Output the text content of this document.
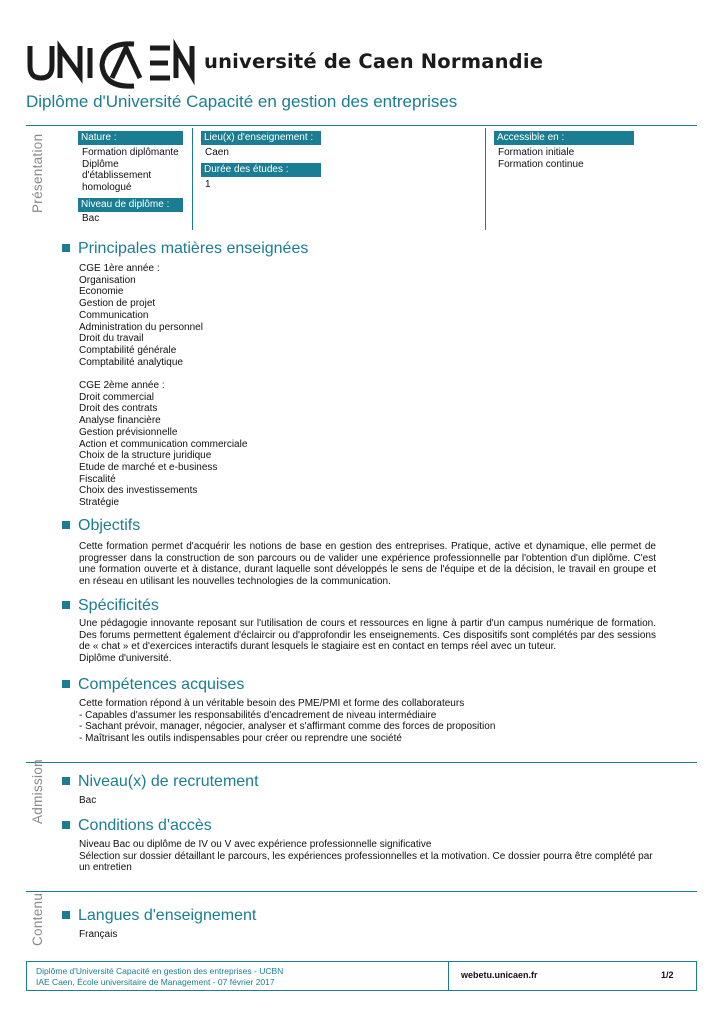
université de Caen Normandie
Diplôme d'Université Capacité en gestion des entreprises
Présentation	Nature :
Formation diplômante
Diplôme
d'établissement
homologué
Niveau de diplôme :
Bac
Lieu(x) d'enseignement :
Caen
Durée des études :
1
Accessible en :
Formation initiale
Formation continue
Principales matières enseignées
CGE 1ère année :
Organisation
Economie
Gestion de projet
Communication
Administration du personnel
Droit du travail
Comptabilité générale
Comptabilité analytique
CGE 2ème année :
Droit commercial
Droit des contrats
Analyse financière
Gestion prévisionnelle
Action et communication commerciale
Choix de la structure juridique
Etude de marché et e-business
Fiscalité
Choix des investissements
Stratégie
Objectifs
Cette formation permet d'acquérir les notions de base en gestion des entreprises. Pratique, active et dynamique, elle permet de progresser dans la construction de son parcours ou de valider une expérience professionnelle par l'obtention d'un diplôme. C'est une formation ouverte et à distance, durant laquelle sont développés le sens de l'équipe et de la décision, le travail en groupe et en réseau en utilisant les nouvelles technologies de la communication.
Spécificités
Une pédagogie innovante reposant sur l'utilisation de cours et ressources en ligne à partir d'un campus numérique de formation. Des forums permettent également d'éclaircir ou d'approfondir les enseignements. Ces dispositifs sont complétés par des sessions de « chat » et d'exercices interactifs durant lesquels le stagiaire est en contact en temps réel avec un tuteur.
Diplôme d'université.
Compétences acquises
Cette formation répond à un véritable besoin des PME/PMI et forme des collaborateurs
- Capables d'assumer les responsabilités d'encadrement de niveau intermédiaire
- Sachant prévoir, manager, négocier, analyser et s'affirmant comme des forces de proposition
- Maîtrisant les outils indispensables pour créer ou reprendre une société
Admission	Niveau(x) de recrutement
Bac
Conditions d'accès
Niveau Bac ou diplôme de IV ou V avec expérience professionnelle significative
Sélection sur dossier détaillant le parcours, les expériences professionnelles et la motivation. Ce dossier pourra être complété par un entretien
Contenu	Langues d'enseignement
Français
Diplôme d'Université Capacité en gestion des entreprises - UCBN
IAE Caen, École universitaire de Management - 07 février 2017
webetu.unicaen.fr	1/2
